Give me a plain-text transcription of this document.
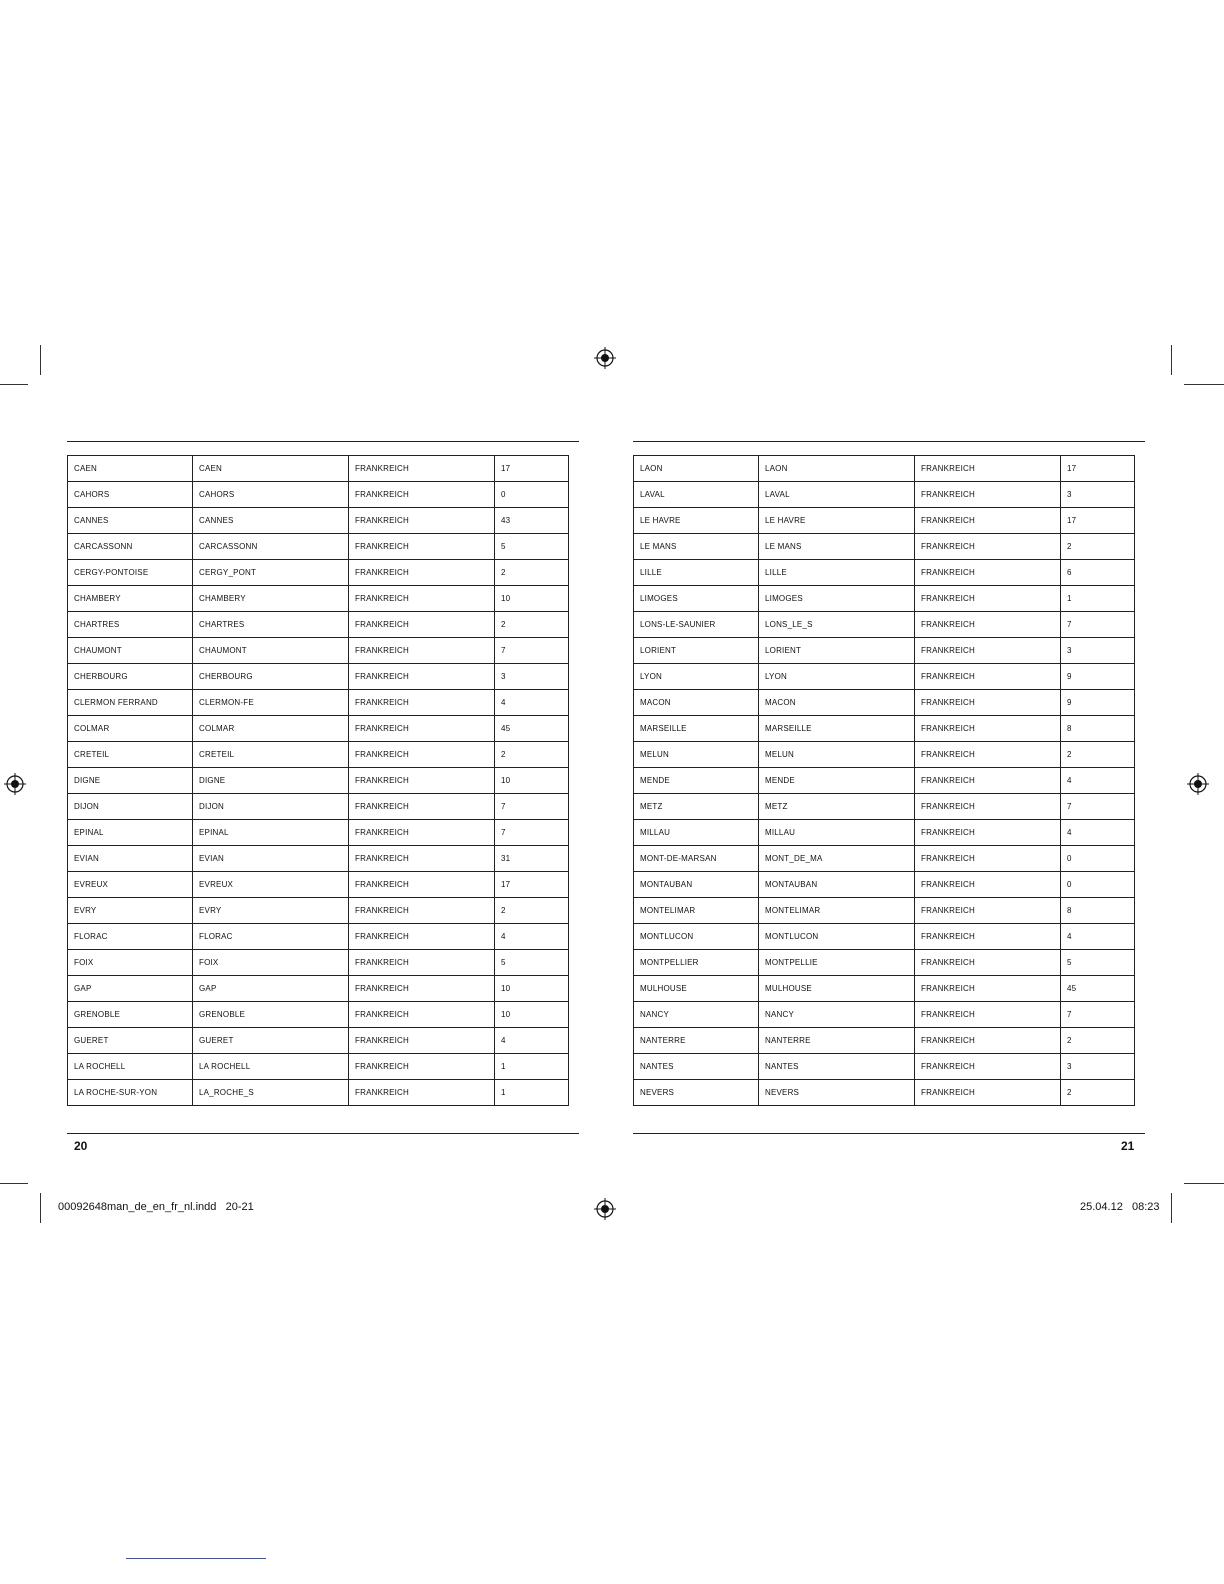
CAEN	CAEN	FRANKREICH	17
CAHORS	CAHORS	FRANKREICH	0
CANNES	CANNES	FRANKREICH	43
CARCASSONN	CARCASSONN	FRANKREICH	5
CERGY-PONTOISE	CERGY_PONT	FRANKREICH	2
CHAMBERY	CHAMBERY	FRANKREICH	10
CHARTRES	CHARTRES	FRANKREICH	2
CHAUMONT	CHAUMONT	FRANKREICH	7
CHERBOURG	CHERBOURG	FRANKREICH	3
CLERMON FERRAND	CLERMON-FE	FRANKREICH	4
COLMAR	COLMAR	FRANKREICH	45
CRETEIL	CRETEIL	FRANKREICH	2
DIGNE	DIGNE	FRANKREICH	10
DIJON	DIJON	FRANKREICH	7
EPINAL	EPINAL	FRANKREICH	7
EVIAN	EVIAN	FRANKREICH	31
EVREUX	EVREUX	FRANKREICH	17
EVRY	EVRY	FRANKREICH	2
FLORAC	FLORAC	FRANKREICH	4
FOIX	FOIX	FRANKREICH	5
GAP	GAP	FRANKREICH	10
GRENOBLE	GRENOBLE	FRANKREICH	10
GUERET	GUERET	FRANKREICH	4
LA ROCHELL	LA ROCHELL	FRANKREICH	1
LA ROCHE-SUR-YON	LA_ROCHE_S	FRANKREICH	1
LAON	LAON	FRANKREICH	17
LAVAL	LAVAL	FRANKREICH	3
LE HAVRE	LE HAVRE	FRANKREICH	17
LE MANS	LE MANS	FRANKREICH	2
LILLE	LILLE	FRANKREICH	6
LIMOGES	LIMOGES	FRANKREICH	1
LONS-LE-SAUNIER	LONS_LE_S	FRANKREICH	7
LORIENT	LORIENT	FRANKREICH	3
LYON	LYON	FRANKREICH	9
MACON	MACON	FRANKREICH	9
MARSEILLE	MARSEILLE	FRANKREICH	8
MELUN	MELUN	FRANKREICH	2
MENDE	MENDE	FRANKREICH	4
METZ	METZ	FRANKREICH	7
MILLAU	MILLAU	FRANKREICH	4
MONT-DE-MARSAN	MONT_DE_MA	FRANKREICH	0
MONTAUBAN	MONTAUBAN	FRANKREICH	0
MONTELIMAR	MONTELIMAR	FRANKREICH	8
MONTLUCON	MONTLUCON	FRANKREICH	4
MONTPELLIER	MONTPELLIE	FRANKREICH	5
MULHOUSE	MULHOUSE	FRANKREICH	45
NANCY	NANCY	FRANKREICH	7
NANTERRE	NANTERRE	FRANKREICH	2
NANTES	NANTES	FRANKREICH	3
NEVERS	NEVERS	FRANKREICH	2
20	21
00092648man_de_en_fr_nl.indd   20-21	25.04.12   08:23
